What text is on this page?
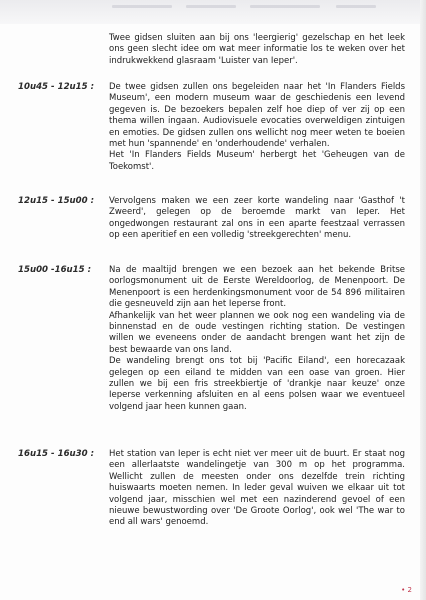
Twee gidsen sluiten aan bij ons 'leergierig' gezelschap en het leek ons geen slecht idee om wat meer informatie los te weken over het indrukwekkend glasraam 'Luister van Ieper'.

10u45 - 12u15 : De twee gidsen zullen ons begeleiden naar het 'In Flanders Fields Museum', een modern museum waar de geschiedenis een levend gegeven is. De bezoekers bepalen zelf hoe diep of ver zij op een thema willen ingaan. Audiovisuele evocaties overweldigen zintuigen en emoties. De gidsen zullen ons wellicht nog meer weten te boeien met hun 'spannende' en 'onderhoudende' verhalen.

Het 'In Flanders Fields Museum' herbergt het 'Geheugen van de Toekomst'.

12u15 - 15u00 : Vervolgens maken we een zeer korte wandeling naar 'Gasthof 't Zweerd', gelegen op de beroemde markt van Ieper. Het ongedwongen restaurant zal ons in een aparte feestzaal verrassen op een aperitief en een volledig 'streekgerechten' menu.

15u00 -16u15 : Na de maaltijd brengen we een bezoek aan het bekende Britse oorlogsmonument uit de Eerste Wereldoorlog, de Menenpoort. De Menenpoort is een herdenkingsmonument voor de 54 896 militairen die gesneuveld zijn aan het Ieperse front.

Afhankelijk van het weer plannen we ook nog een wandeling via de binnenstad en de oude vestingen richting station. De vestingen willen we eveneens onder de aandacht brengen want het zijn de best bewaarde van ons land.

De wandeling brengt ons tot bij 'Pacific Eiland', een horecazaak gelegen op een eiland te midden van een oase van groen. Hier zullen we bij een fris streekbiertje of 'drankje naar keuze' onze Ieperse verkenning afsluiten en al eens polsen waar we eventueel volgend jaar heen kunnen gaan.

16u15 - 16u30 : Het station van Ieper is echt niet ver meer uit de buurt. Er staat nog een allerlaatste wandelingetje van 300 m op het programma. Wellicht zullen de meesten onder ons dezelfde trein richting huiswaarts moeten nemen. In leder geval wuiven we elkaar uit tot volgend jaar, misschien wel met een nazinderend gevoel of een nieuwe bewustwording over 'De Groote Oorlog', ook wel 'The war to end all wars' genoemd.

• 2
